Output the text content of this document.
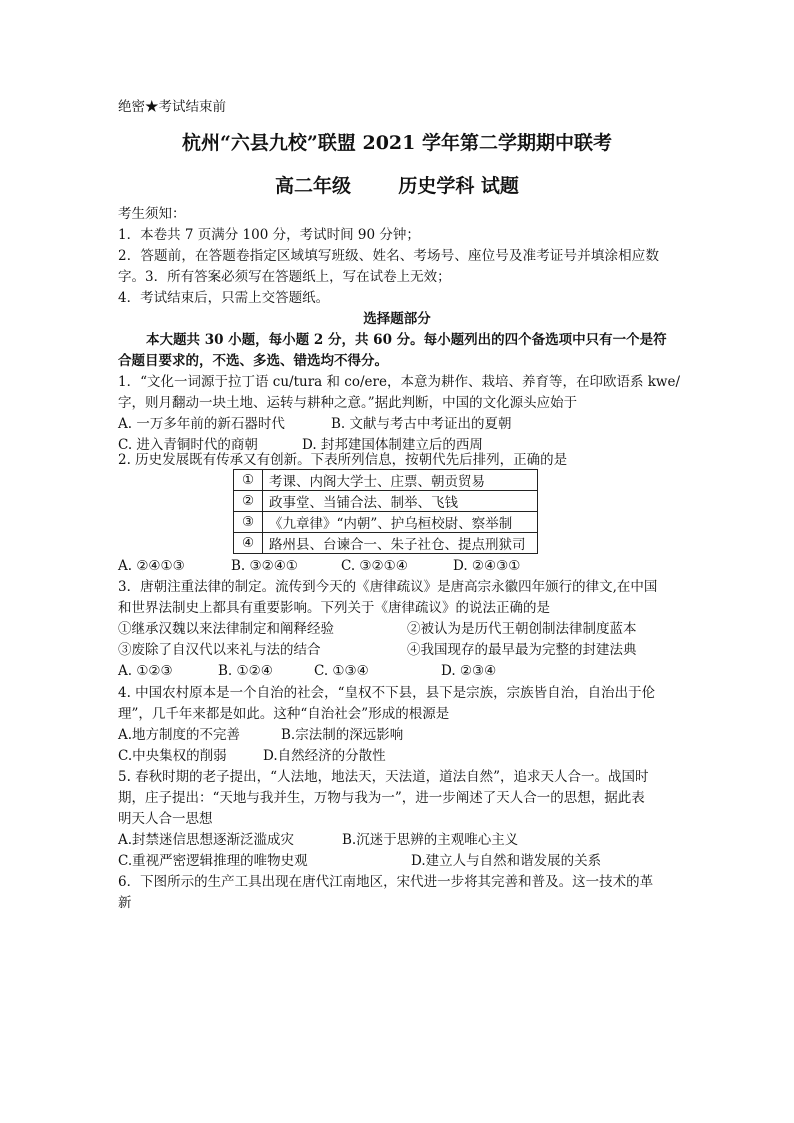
绝密★考试结束前
杭州“六县九校”联盟 2021 学年第二学期期中联考
高二年级 历史学科 试题
考生须知：
1．本卷共 7 页满分 100 分，考试时间 90 分钟；
2．答题前，在答题卷指定区域填写班级、姓名、考场号、座位号及准考证号并填涂相应数
字。3．所有答案必须写在答题纸上，写在试卷上无效；
4．考试结束后，只需上交答题纸。
选择题部分
本大题共 30 小题，每小题 2 分，共 60 分。每小题列出的四个备选项中只有一个是符
合题目要求的，不选、多选、错选均不得分。
1．“文化一词源于拉丁语 cu/tura 和 co/ere，本意为耕作、栽培、养育等，在印欧语系 kwe/
字，则月翻动一块土地、运转与耕种之意。”据此判断，中国的文化源头应始于
A. 一万多年前的新石器时代	B. 文献与考古中考证出的夏朝
C. 进入青铜时代的商朝	D. 封邦建国体制建立后的西周
2. 历史发展既有传承又有创新。下表所列信息，按朝代先后排列，正确的是
①	考课、内阁大学士、庄票、朝贡贸易
②	政事堂、当铺合法、制举、飞钱
③	《九章律》“内朝”、护乌桓校尉、察举制
④	路州县、台谏合一、朱子社仓、提点刑狱司
A. ②④①③	B. ③②④①	C. ③②①④	D. ②④③①
3．唐朝注重法律的制定。流传到今天的《唐律疏议》是唐高宗永徽四年颁行的律文,在中国
和世界法制史上都具有重要影响。下列关于《唐律疏议》的说法正确的是
①继承汉魏以来法律制定和阐释经验	②被认为是历代王朝创制法律制度蓝本
③废除了自汉代以来礼与法的结合	④我国现存的最早最为完整的封建法典
A. ①②③	B. ①②④	C. ①③④	D. ②③④
4. 中国农村原本是一个自治的社会，“皇权不下县，县下是宗族，宗族皆自治，自治出于伦
理”，几千年来都是如此。这种“自治社会”形成的根源是
A.地方制度的不完善	B.宗法制的深远影响
C.中央集权的削弱	D.自然经济的分散性
5. 春秋时期的老子提出，“人法地，地法天，天法道，道法自然”，追求天人合一。战国时
期，庄子提出：“天地与我并生，万物与我为一”，进一步阐述了天人合一的思想，据此表
明天人合一思想
A.封禁迷信思想逐渐泛滥成灾	B.沉迷于思辨的主观唯心主义
C.重视严密逻辑推理的唯物史观	D.建立人与自然和谐发展的关系
6．下图所示的生产工具出现在唐代江南地区，宋代进一步将其完善和普及。这一技术的革
新
